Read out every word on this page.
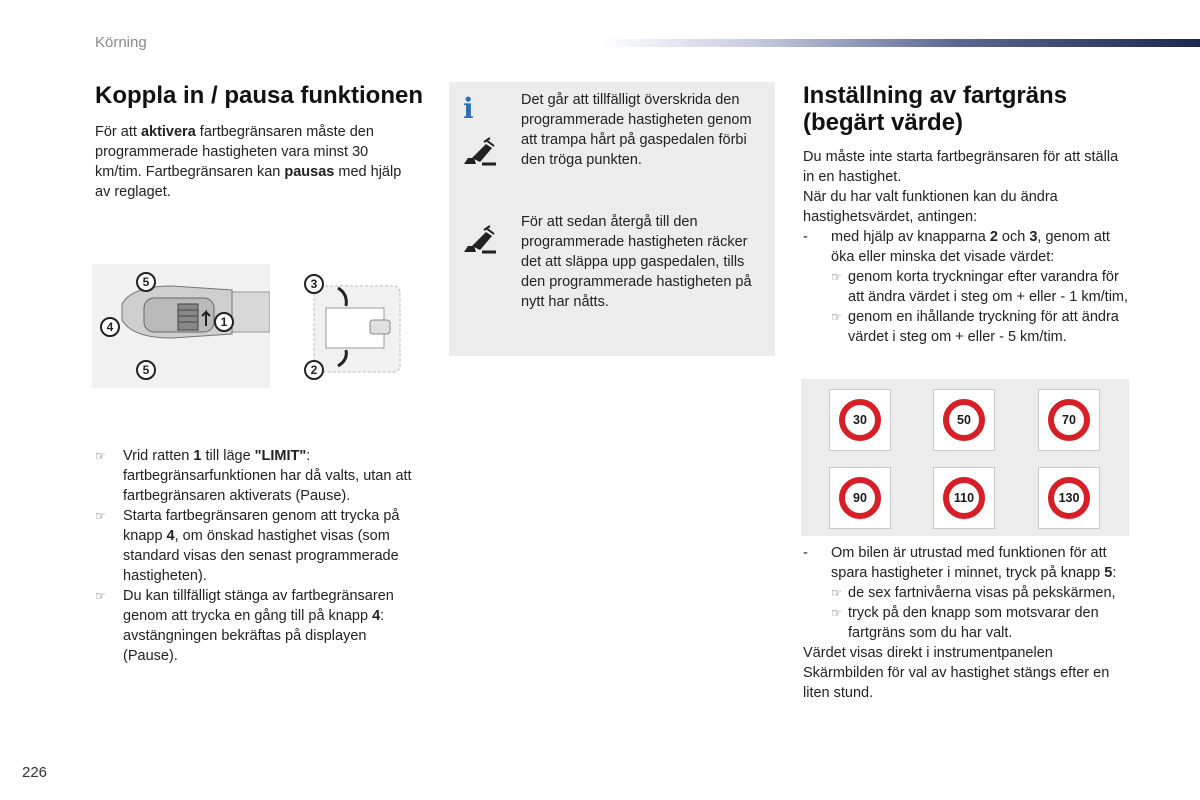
Körning
Koppla in / pausa funktionen

För att aktivera fartbegränsaren måste den programmerade hastigheten vara minst 30 km/tim. Fartbegränsaren kan pausas med hjälp av reglaget.

5
4	1
5
3
2
☞ Vrid ratten 1 till läge "LIMIT": fartbegränsarfunktionen har då valts, utan att fartbegränsaren aktiverats (Pause).
☞ Starta fartbegränsaren genom att trycka på knapp 4, om önskad hastighet visas (som standard visas den senast programmerade hastigheten).
☞ Du kan tillfälligt stänga av fartbegränsaren genom att trycka en gång till på knapp 4: avstängningen bekräftas på displayen (Pause).
i	Det går att tillfälligt överskrida den programmerade hastigheten genom att trampa hårt på gaspedalen förbi den tröga punkten.

För att sedan återgå till den programmerade hastigheten räcker det att släppa upp gaspedalen, tills den programmerade hastigheten på nytt har nåtts.

Inställning av fartgräns (begärt värde)

Du måste inte starta fartbegränsaren för att ställa in en hastighet.

När du har valt funktionen kan du ändra hastighetsvärdet, antingen:

- med hjälp av knapparna 2 och 3, genom att öka eller minska det visade värdet:
☞ genom korta tryckningar efter varandra för att ändra värdet i steg om + eller - 1 km/tim,
☞ genom en ihållande tryckning för att ändra värdet i steg om + eller - 5 km/tim.
30	50	70
90	110	130
- Om bilen är utrustad med funktionen för att spara hastigheter i minnet, tryck på knapp 5:
☞ de sex fartnivåerna visas på pekskärmen,
☞ tryck på den knapp som motsvarar den fartgräns som du har valt.

Värdet visas direkt i instrumentpanelen

Skärmbilden för val av hastighet stängs efter en liten stund.

226
